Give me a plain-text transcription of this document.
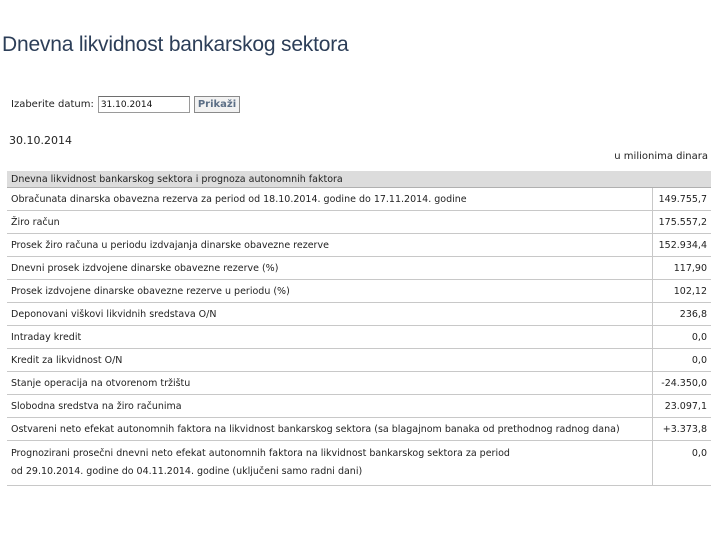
Dnevna likvidnost bankarskog sektora
Izaberite datum:
31.10.2014	Prikaži
30.10.2014
u milionima dinara
Dnevna likvidnost bankarskog sektora i prognoza autonomnih faktora	
Obračunata dinarska obavezna rezerva za period od 18.10.2014. godine do 17.11.2014. godine	149.755,7
Žiro račun	175.557,2
Prosek žiro računa u periodu izdvajanja dinarske obavezne rezerve	152.934,4
Dnevni prosek izdvojene dinarske obavezne rezerve (%)	117,90
Prosek izdvojene dinarske obavezne rezerve u periodu (%)	102,12
Deponovani viškovi likvidnih sredstava O/N	236,8
Intraday kredit	0,0
Kredit za likvidnost O/N	0,0
Stanje operacija na otvorenom tržištu	-24.350,0
Slobodna sredstva na žiro računima	23.097,1
Ostvareni neto efekat autonomnih faktora na likvidnost bankarskog sektora (sa blagajnom banaka od prethodnog radnog dana)	+3.373,8
Prognozirani prosečni dnevni neto efekat autonomnih faktora na likvidnost bankarskog sektora za period
od 29.10.2014. godine do 04.11.2014. godine (uključeni samo radni dani)	0,0
